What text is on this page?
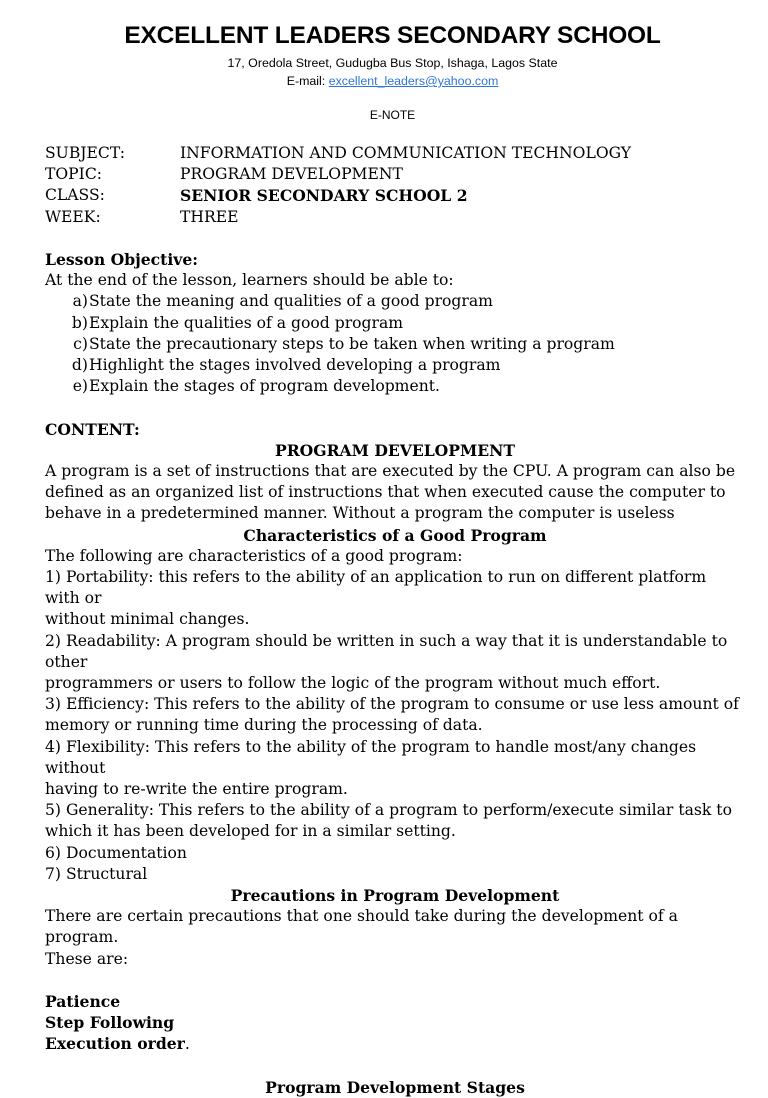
EXCELLENT LEADERS SECONDARY SCHOOL
17, Oredola Street, Gudugba Bus Stop, Ishaga, Lagos State
E-mail: excellent_leaders@yahoo.com
E-NOTE
SUBJECT:	INFORMATION AND COMMUNICATION TECHNOLOGY
TOPIC:	PROGRAM DEVELOPMENT
CLASS:	SENIOR SECONDARY SCHOOL 2
WEEK:	THREE

Lesson Objective:

At the end of the lesson, learners should be able to:

a) State the meaning and qualities of a good program
b) Explain the qualities of a good program
c) State the precautionary steps to be taken when writing a program
d) Highlight the stages involved developing a program
e) Explain the stages of program development.

CONTENT:

PROGRAM DEVELOPMENT

A program is a set of instructions that are executed by the CPU. A program can also be

defined as an organized list of instructions that when executed cause the computer to

behave in a predetermined manner. Without a program the computer is useless

Characteristics of a Good Program

The following are characteristics of a good program:

1) Portability: this refers to the ability of an application to run on different platform with or

without minimal changes.

2) Readability: A program should be written in such a way that it is understandable to other

programmers or users to follow the logic of the program without much effort.

3) Efficiency: This refers to the ability of the program to consume or use less amount of

memory or running time during the processing of data.

4) Flexibility: This refers to the ability of the program to handle most/any changes without

having to re-write the entire program.

5) Generality: This refers to the ability of a program to perform/execute similar task to

which it has been developed for in a similar setting.

6) Documentation

7) Structural

Precautions in Program Development

There are certain precautions that one should take during the development of a program.

These are:

Patience

Step Following

Execution order.

Program Development Stages
